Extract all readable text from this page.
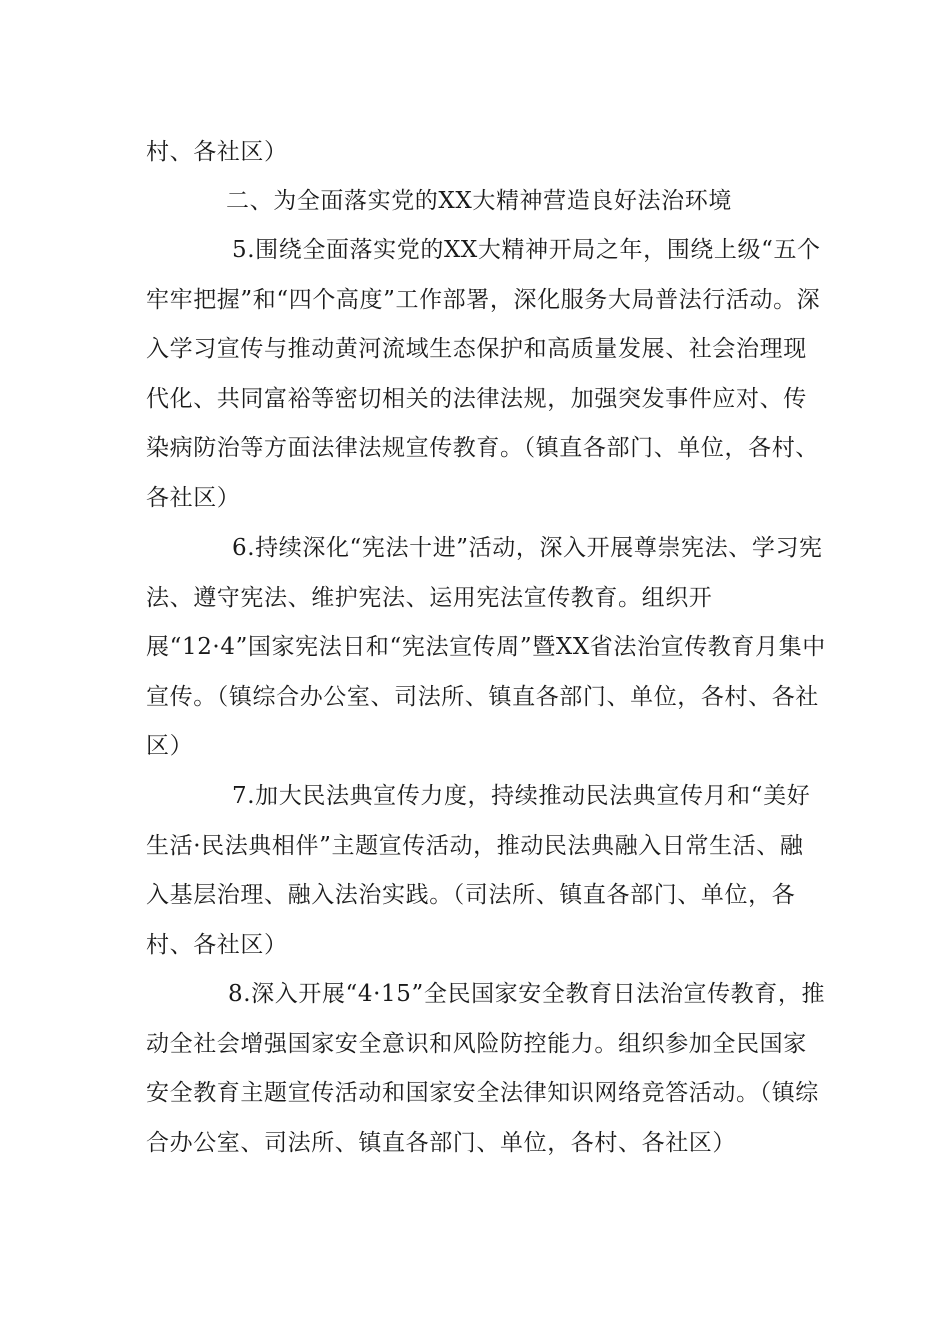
村、各社区）

二、为全面落实党的XX大精神营造良好法治环境

5.围绕全面落实党的XX大精神开局之年，围绕上级“五个牢牢把握”和“四个高度”工作部署，深化服务大局普法行活动。深入学习宣传与推动黄河流域生态保护和高质量发展、社会治理现代化、共同富裕等密切相关的法律法规，加强突发事件应对、传染病防治等方面法律法规宣传教育。（镇直各部门、单位，各村、各社区）

6.持续深化“宪法十进”活动，深入开展尊崇宪法、学习宪法、遵守宪法、维护宪法、运用宪法宣传教育。组织开展“12·4”国家宪法日和“宪法宣传周”暨XX省法治宣传教育月集中宣传。（镇综合办公室、司法所、镇直各部门、单位，各村、各社区）

7.加大民法典宣传力度，持续推动民法典宣传月和“美好生活·民法典相伴”主题宣传活动，推动民法典融入日常生活、融入基层治理、融入法治实践。（司法所、镇直各部门、单位，各村、各社区）

8.深入开展“4·15”全民国家安全教育日法治宣传教育，推动全社会增强国家安全意识和风险防控能力。组织参加全民国家安全教育主题宣传活动和国家安全法律知识网络竞答活动。（镇综合办公室、司法所、镇直各部门、单位，各村、各社区）
